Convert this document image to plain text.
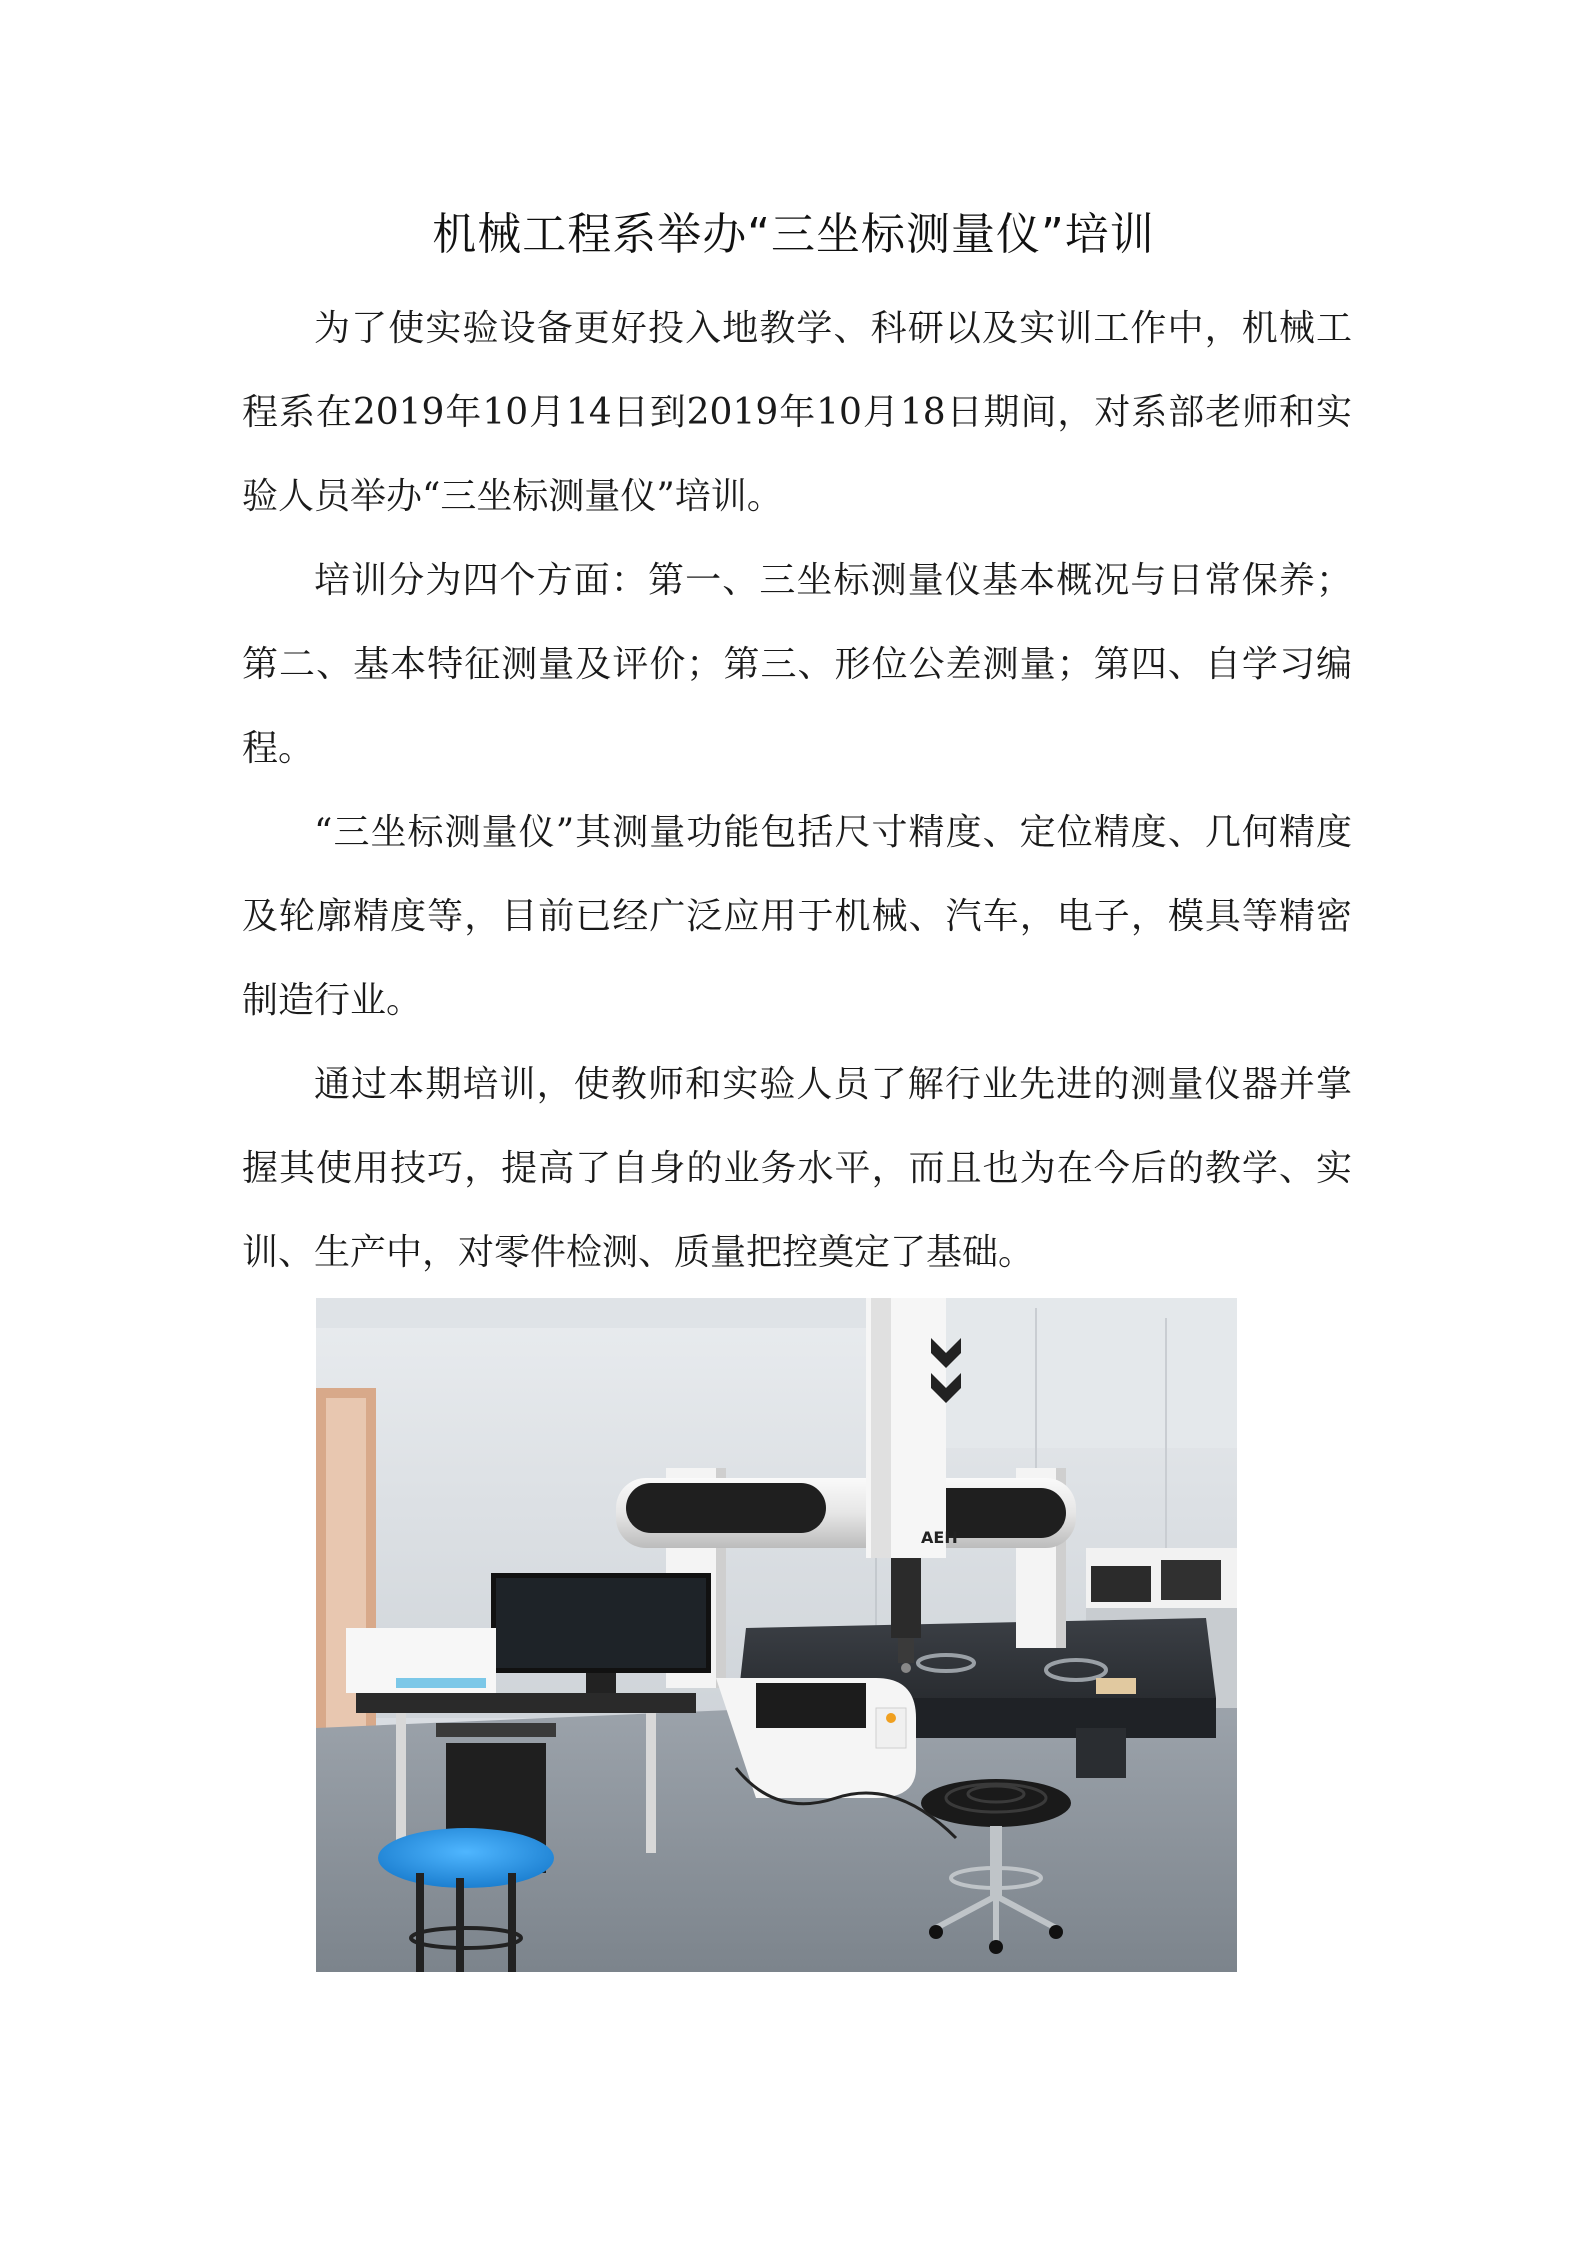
机械工程系举办“三坐标测量仪”培训

为了使实验设备更好投入地教学、科研以及实训工作中，机械工程系在2019年10月14日到2019年10月18日期间，对系部老师和实验人员举办“三坐标测量仪”培训。

培训分为四个方面：第一、三坐标测量仪基本概况与日常保养；第二、基本特征测量及评价；第三、形位公差测量；第四、自学习编程。

“三坐标测量仪”其测量功能包括尺寸精度、定位精度、几何精度及轮廓精度等，目前已经广泛应用于机械、汽车，电子，模具等精密制造行业。

通过本期培训，使教师和实验人员了解行业先进的测量仪器并掌握其使用技巧，提高了自身的业务水平，而且也为在今后的教学、实训、生产中，对零件检测、质量把控奠定了基础。

AEH
